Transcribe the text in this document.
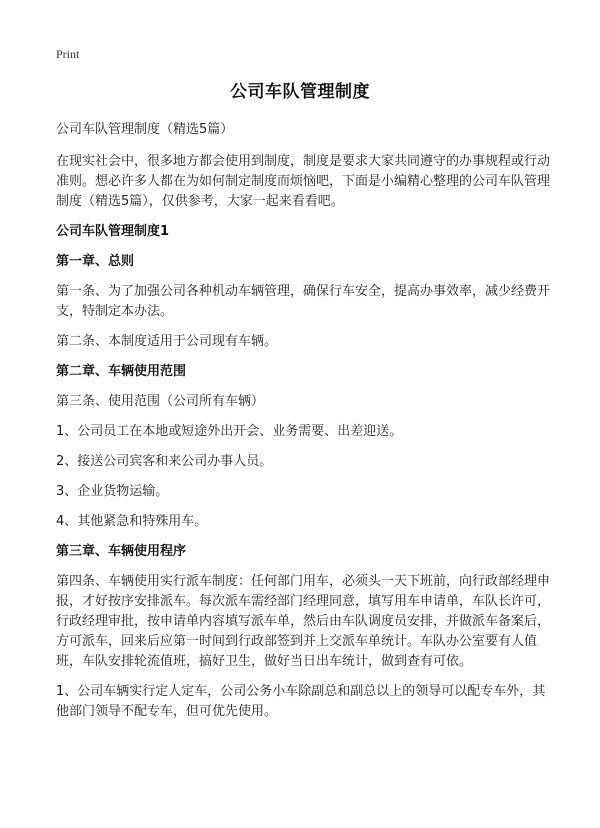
Print
公司车队管理制度

公司车队管理制度（精选5篇）

在现实社会中，很多地方都会使用到制度，制度是要求大家共同遵守的办事规程或行动准则。想必许多人都在为如何制定制度而烦恼吧，下面是小编精心整理的公司车队管理制度（精选5篇），仅供参考，大家一起来看看吧。

公司车队管理制度1

第一章、总则

第一条、为了加强公司各种机动车辆管理，确保行车安全，提高办事效率，减少经费开支，特制定本办法。

第二条、本制度适用于公司现有车辆。

第二章、车辆使用范围

第三条、使用范围（公司所有车辆）

1、公司员工在本地或短途外出开会、业务需要、出差迎送。

2、接送公司宾客和来公司办事人员。

3、企业货物运输。

4、其他紧急和特殊用车。

第三章、车辆使用程序

第四条、车辆使用实行派车制度：任何部门用车，必须头一天下班前，向行政部经理申报，才好按序安排派车。每次派车需经部门经理同意，填写用车申请单，车队长许可，行政经理审批，按申请单内容填写派车单，然后由车队调度员安排，并做派车备案后，方可派车，回来后应第一时间到行政部签到并上交派车单统计。车队办公室要有人值班，车队安排轮流值班，搞好卫生，做好当日出车统计，做到查有可依。

1、公司车辆实行定人定车，公司公务小车除副总和副总以上的领导可以配专车外，其他部门领导不配专车，但可优先使用。
